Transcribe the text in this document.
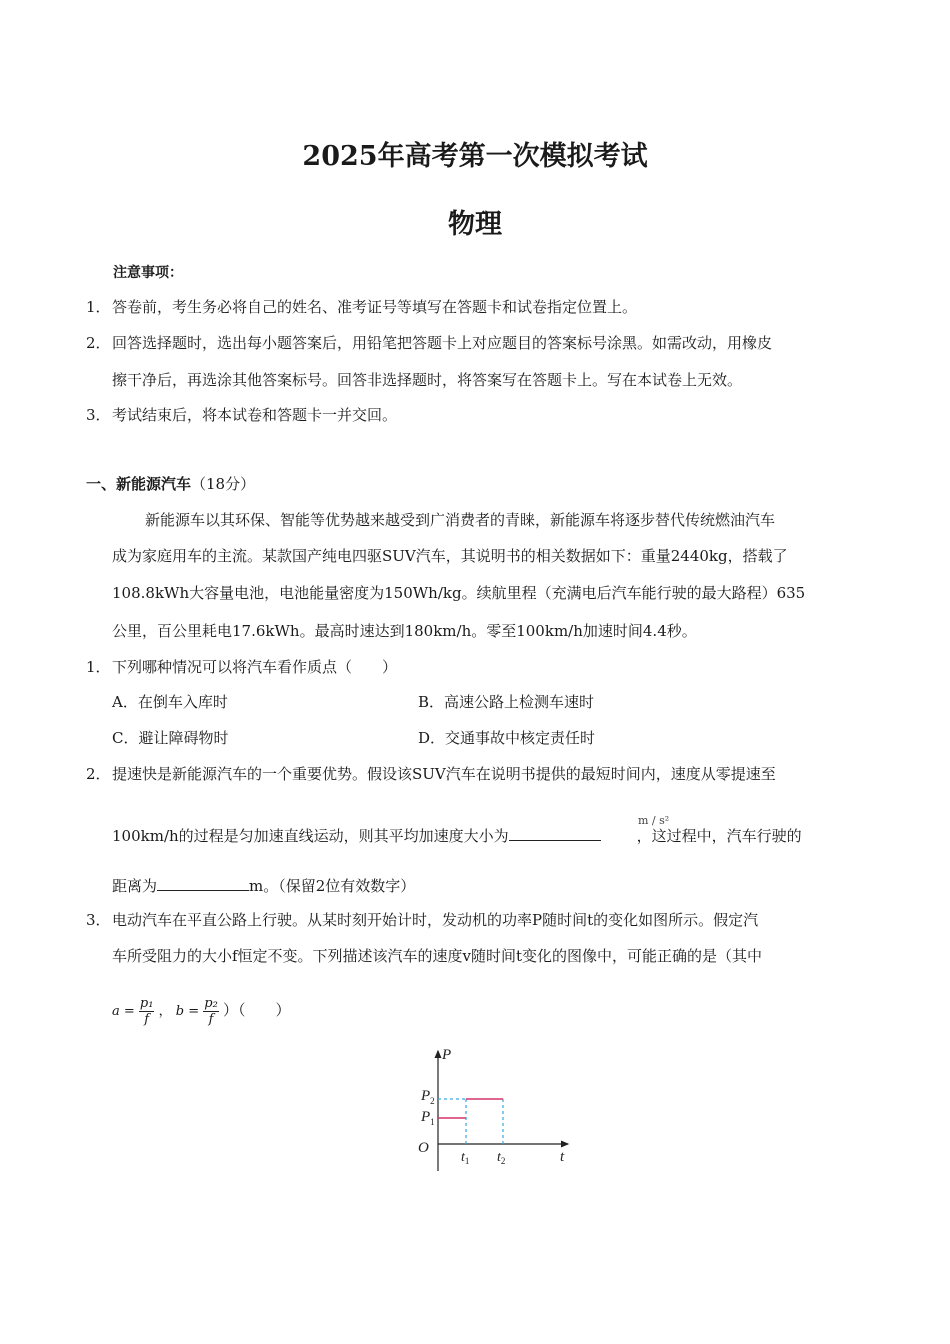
2025年高考第一次模拟考试
物理
注意事项：
1．答卷前，考生务必将自己的姓名、准考证号等填写在答题卡和试卷指定位置上。
2．回答选择题时，选出每小题答案后，用铅笔把答题卡上对应题目的答案标号涂黑。如需改动，用橡皮
擦干净后，再选涂其他答案标号。回答非选择题时，将答案写在答题卡上。写在本试卷上无效。
3．考试结束后，将本试卷和答题卡一并交回。
一、新能源汽车（18分）
新能源车以其环保、智能等优势越来越受到广消费者的青睐，新能源车将逐步替代传统燃油汽车
成为家庭用车的主流。某款国产纯电四驱SUV汽车，其说明书的相关数据如下：重量2440kg，搭载了
108.8kWh大容量电池，电池能量密度为150Wh/kg。续航里程（充满电后汽车能行驶的最大路程）635
公里，百公里耗电17.6kWh。最高时速达到180km/h。零至100km/h加速时间4.4秒。
1．下列哪种情况可以将汽车看作质点（　　）
A．在倒车入库时	B．高速公路上检测车速时
C．避让障碍物时	D．交通事故中核定责任时
2．提速快是新能源汽车的一个重要优势。假设该SUV汽车在说明书提供的最短时间内，速度从零提速至
m / s²
100km/h的过程是匀加速直线运动，则其平均加速度大小为	，这过程中，汽车行驶的
距离为	m。（保留2位有效数字）
3．电动汽车在平直公路上行驶。从某时刻开始计时，发动机的功率P随时间t的变化如图所示。假定汽
车所受阻力的大小f恒定不变。下列描述该汽车的速度v随时间t变化的图像中，可能正确的是（其中
$a = \frac{\text{p₁}}{f}$ ， $b = \frac{\text{p₂}}{f}$ ）（　　）
P
t
O
$P_2$
$P_1$
$t_1$ $t_2$
